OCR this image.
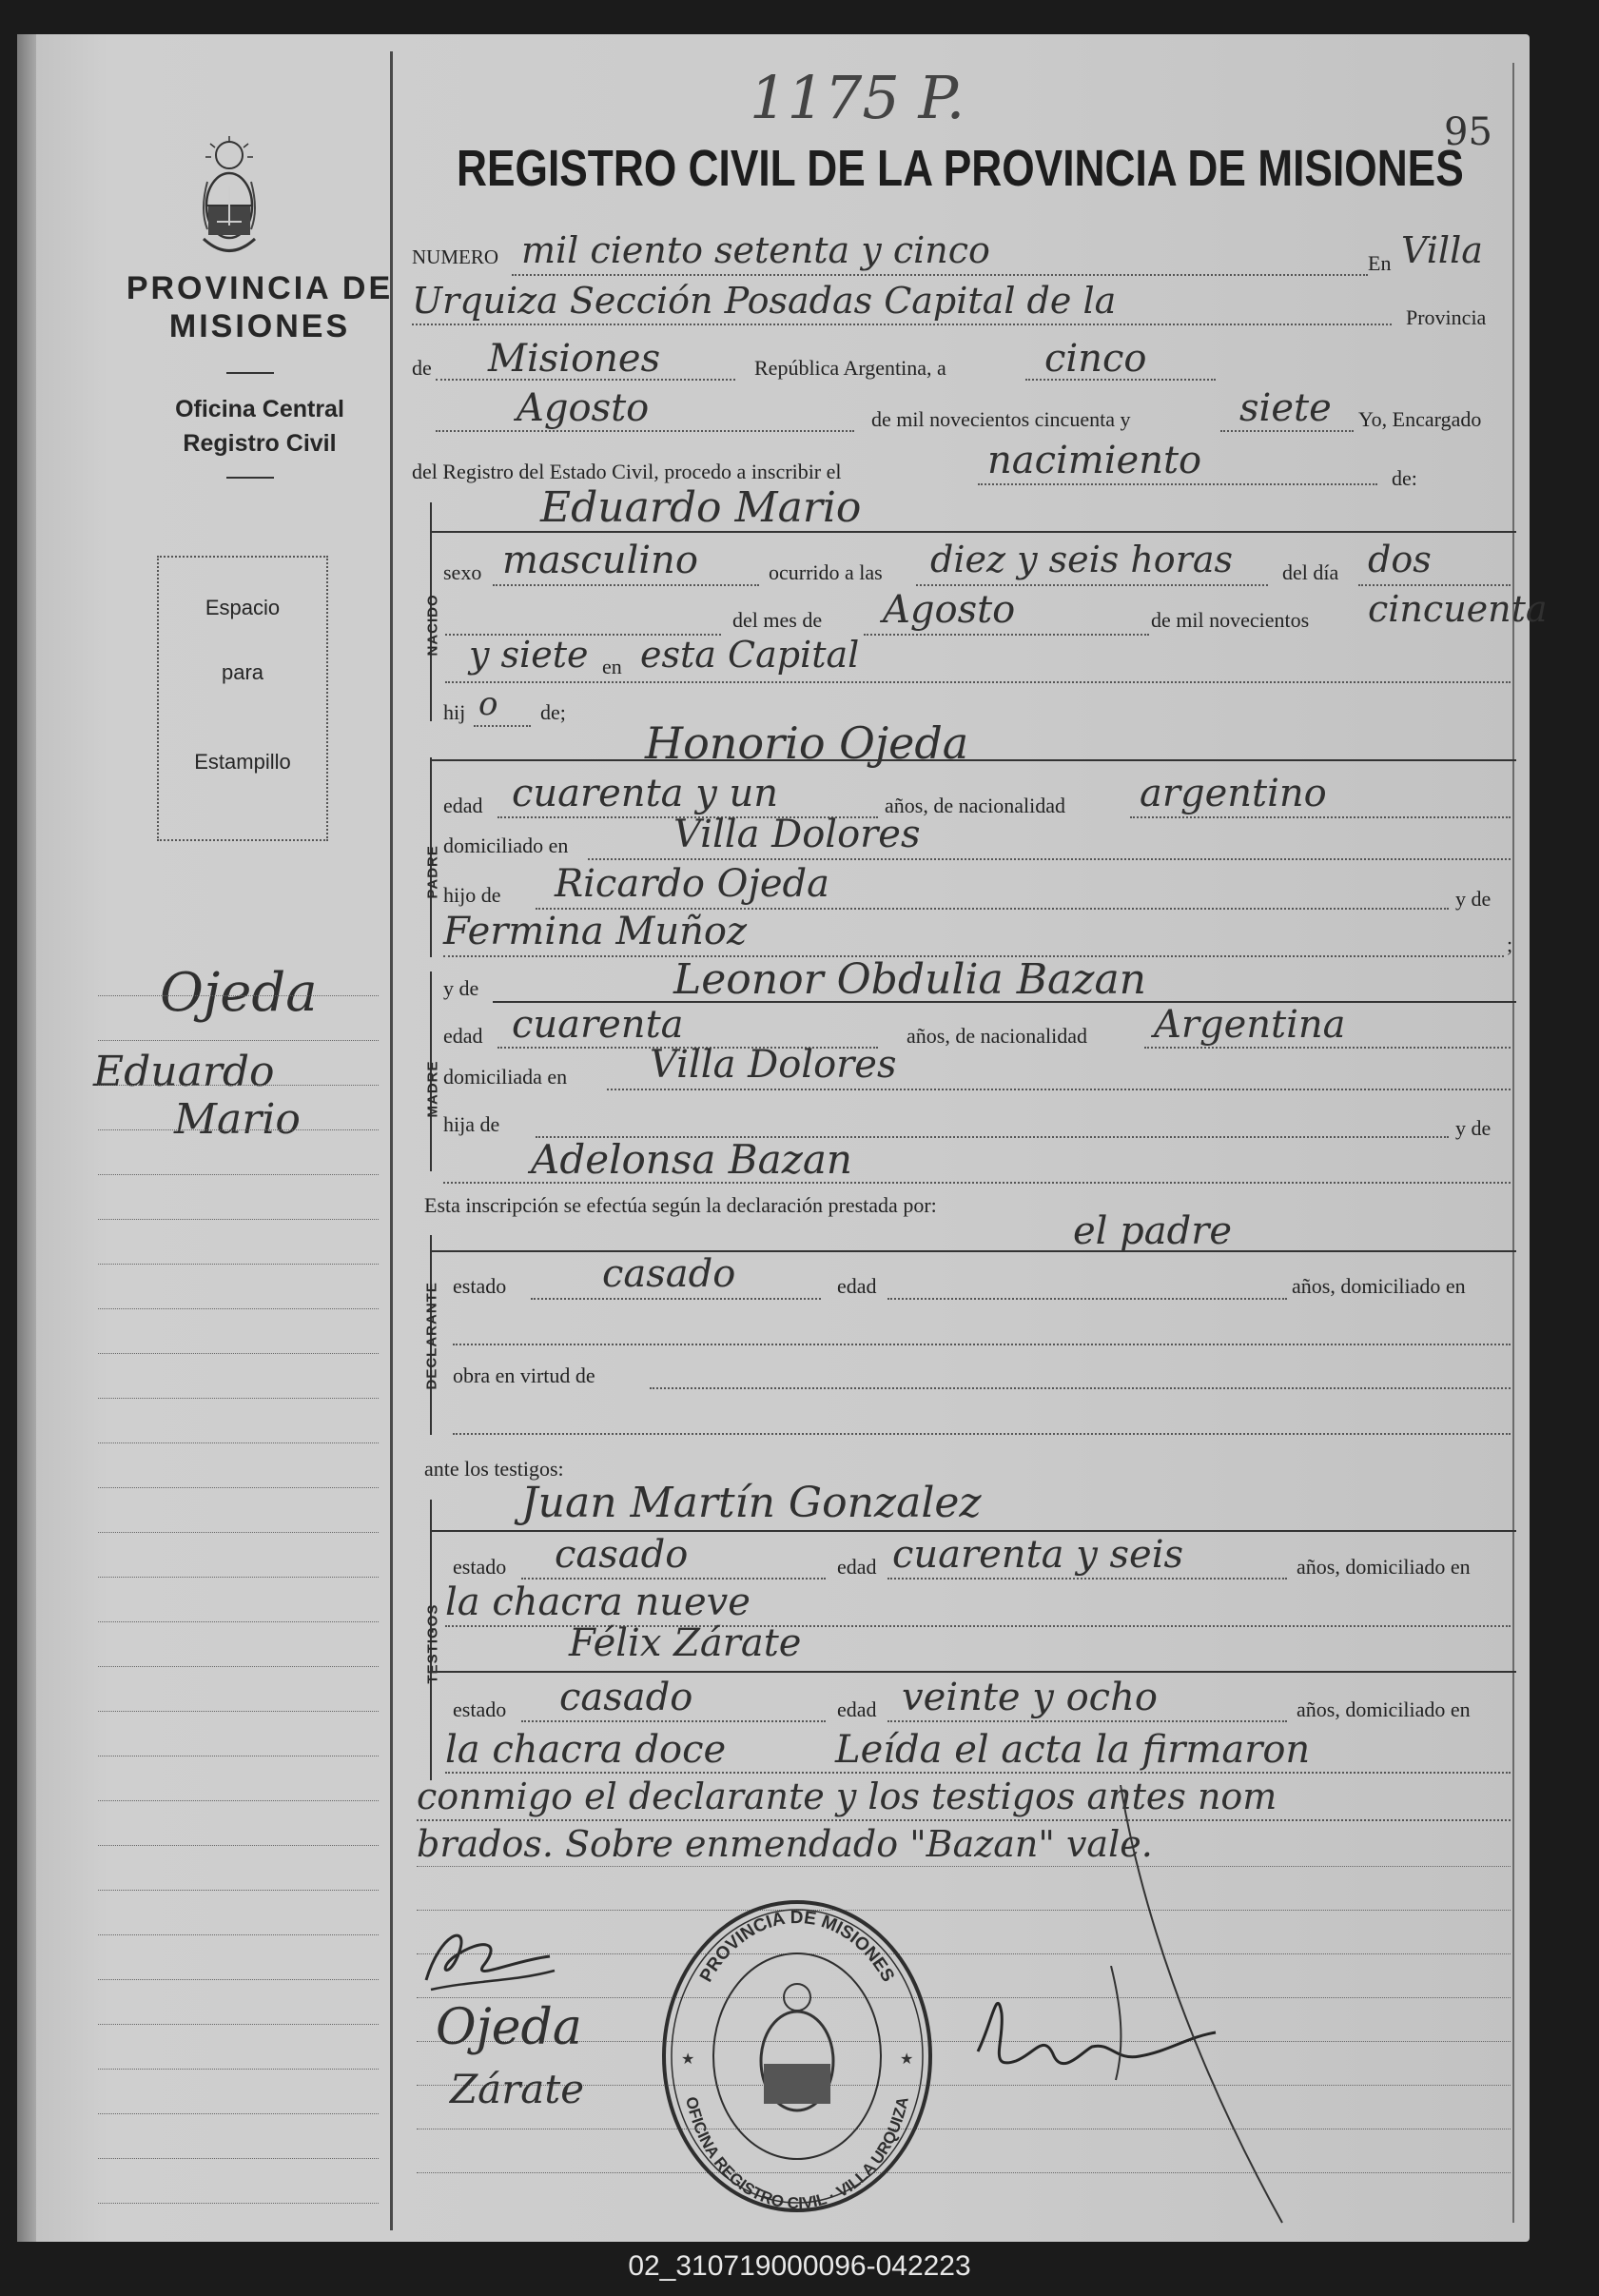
1175 P.	95
REGISTRO CIVIL DE LA PROVINCIA DE MISIONES
PROVINCIA DE
MISIONES
Oficina Central
Registro Civil
Espacio
para
Estampillo
Ojeda
Eduardo
Mario
NUMERO mil ciento setenta y cinco	En Villa
Urquiza Sección Posadas Capital de la	Provincia
de Misiones	República Argentina, a	cinco
Agosto	de mil novecientos cincuenta y	siete Yo, Encargado
del Registro del Estado Civil, procedo a inscribir el	nacimiento	de:
NACIDO
Eduardo Mario
sexo masculino	ocurrido a las diez y seis horas del día dos
del mes de Agosto	de mil novecientos cincuenta
y siete en esta Capital
hij o de;
PADRE
Honorio Ojeda
edad cuarenta y un	años, de nacionalidad argentino
domiciliado en	Villa Dolores
hijo de Ricardo Ojeda	y de
Fermina Muñoz	;
MADRE
y de	Leonor Obdulia Bazan
edad cuarenta	años, de nacionalidad Argentina
domiciliada en Villa Dolores
hija de	y de
Adelonsa Bazan
Esta inscripción se efectúa según la declaración prestada por:
el padre
DECLARANTE estado	casado	edad	años, domiciliado en
obra en virtud de
ante los testigos:
TESTIGOS
Juan Martín Gonzalez
estado casado	edad cuarenta y seis	años, domiciliado en
la chacra nueve
Félix Zárate
estado casado	edad veinte y ocho	años, domiciliado en
la chacra doce	Leída el acta la firmaron
conmigo el declarante y los testigos antes nom
brados. Sobre enmendado "Bazan" vale.
Ojeda
Zárate
PROVINCIA DE MISIONES
OFICINA REGISTRO CIVIL · VILLA URQUIZA
★	★
02_310719000096-042223
